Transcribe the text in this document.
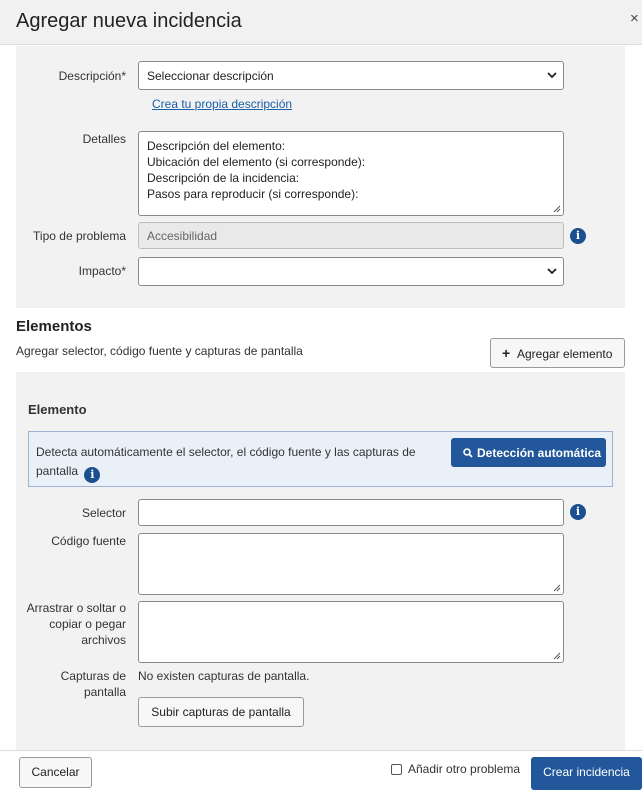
Agregar nueva incidencia	×
Descripción* Seleccionar descripción
Crea tu propia descripción
Detalles Descripción del elemento:
Ubicación del elemento (si corresponde):
Descripción de la incidencia:
Pasos para reproducir (si corresponde):
Tipo de problema Accesibilidad	i
Impacto*
Elementos
Agregar selector, código fuente y capturas de pantalla	+ Agregar elemento
Elemento
Detecta automáticamente el selector, el código fuente y las capturas de pantalla i
Detección automática
Selector	i
Código fuente
Arrastrar o soltar o
copiar o pegar
archivos
Capturas de
pantalla
No existen capturas de pantalla.
Subir capturas de pantalla
Cancelar	Añadir otro problema	Crear incidencia
